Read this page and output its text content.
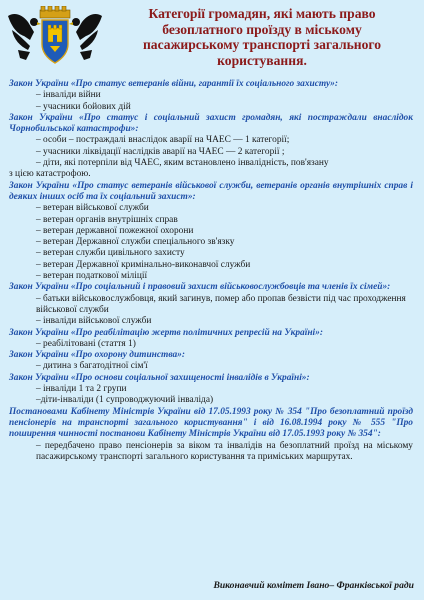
Категорії громадян, які мають право
безоплатного проїзду в міському
пасажирському транспорті загального
користування.
Закон України «Про статус ветеранів війни, гарантії їх соціального захисту»:
– інваліди війни
– учасники бойових дій
Закон України «Про статус і соціальний захист громадян, які постраждали внаслідок Чорнобильської катастрофи»:
– особи – постраждалі внаслідок аварії на ЧАЕС — 1 категорії;
– учасники ліквідації наслідків аварії на ЧАЕС — 2 категорії ;
– діти, які потерпіли від ЧАЕС, яким встановлено інвалідність, пов'язану
з цією катастрофою.
Закон України «Про статус ветеранів військової служби, ветеранів органів внутрішніх справ і деяких інших осіб та їх соціальний захист»:
– ветеран військової служби
– ветеран органів внутрішніх справ
– ветеран державної пожежної охорони
– ветеран Державної служби спеціального зв'язку
– ветеран служби цивільного захисту
– ветеран Державної кримінально-виконавчої служби
– ветеран податкової міліції
Закон України «Про соціальний і правовий захист військовослужбовців та членів їх сімей»:
– батьки військовослужбовця, який загинув, помер або пропав безвісти під час проходження військової служби
– інваліди військової служби
Закон України «Про реабілітацію жертв політичних репресій на Україні»:
– реабілітовані (стаття 1)
Закон України «Про охорону дитинства»:
– дитина з багатодітної сім'ї
Закон України «Про основи соціальної захищеності інвалідів в Україні»:
– інваліди 1 та 2 групи
–діти-інваліди (1 супроводжуючий інваліда)
Постановами Кабінету Міністрів України від 17.05.1993 року № 354 "Про безоплатний проїзд пенсіонерів на транспорті загального користування" і від 16.08.1994 року № 555 "Про поширення чинності постанови Кабінету Міністрів України від 17.05.1993 року № 354":
– передбачено право пенсіонерів за віком та інвалідів на безоплатний проїзд на міському пасажирському транспорті загального користування та приміських маршрутах.
Виконавчий комітет Івано– Франківської ради
